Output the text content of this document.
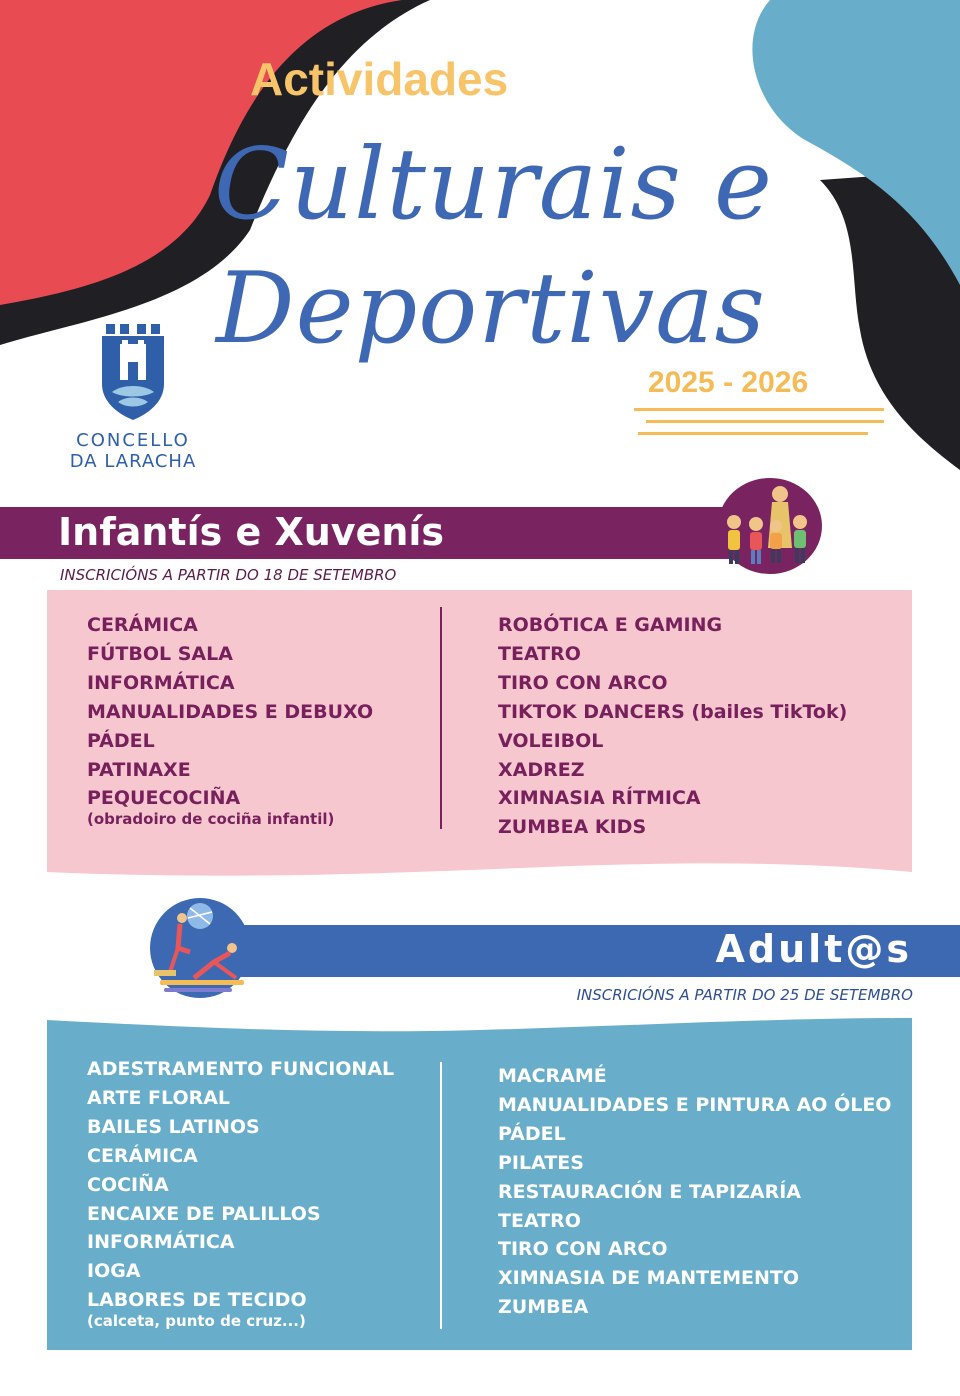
Actividades

Culturais e

Deportivas

2025 - 2026

CONCELLO
DA LARACHA

Infantís e Xuvenís

INSCRICIÓNS A PARTIR DO 18 DE SETEMBRO

CERÁMICA
FÚTBOL SALA
INFORMÁTICA
MANUALIDADES E DEBUXO
PÁDEL
PATINAXE
PEQUECOCIÑA
(obradoiro de cociña infantil)
ROBÓTICA E GAMING
TEATRO
TIRO CON ARCO
TIKTOK DANCERS (bailes TikTok)
VOLEIBOL
XADREZ
XIMNASIA RÍTMICA
ZUMBEA KIDS

Adult@s

INSCRICIÓNS A PARTIR DO 25 DE SETEMBRO

ADESTRAMENTO FUNCIONAL
ARTE FLORAL
BAILES LATINOS
CERÁMICA
COCIÑA
ENCAIXE DE PALILLOS
INFORMÁTICA
IOGA
LABORES DE TECIDO
(calceta, punto de cruz...)
MACRAMÉ
MANUALIDADES E PINTURA AO ÓLEO
PÁDEL
PILATES
RESTAURACIÓN E TAPIZARÍA
TEATRO
TIRO CON ARCO
XIMNASIA DE MANTEMENTO
ZUMBEA
